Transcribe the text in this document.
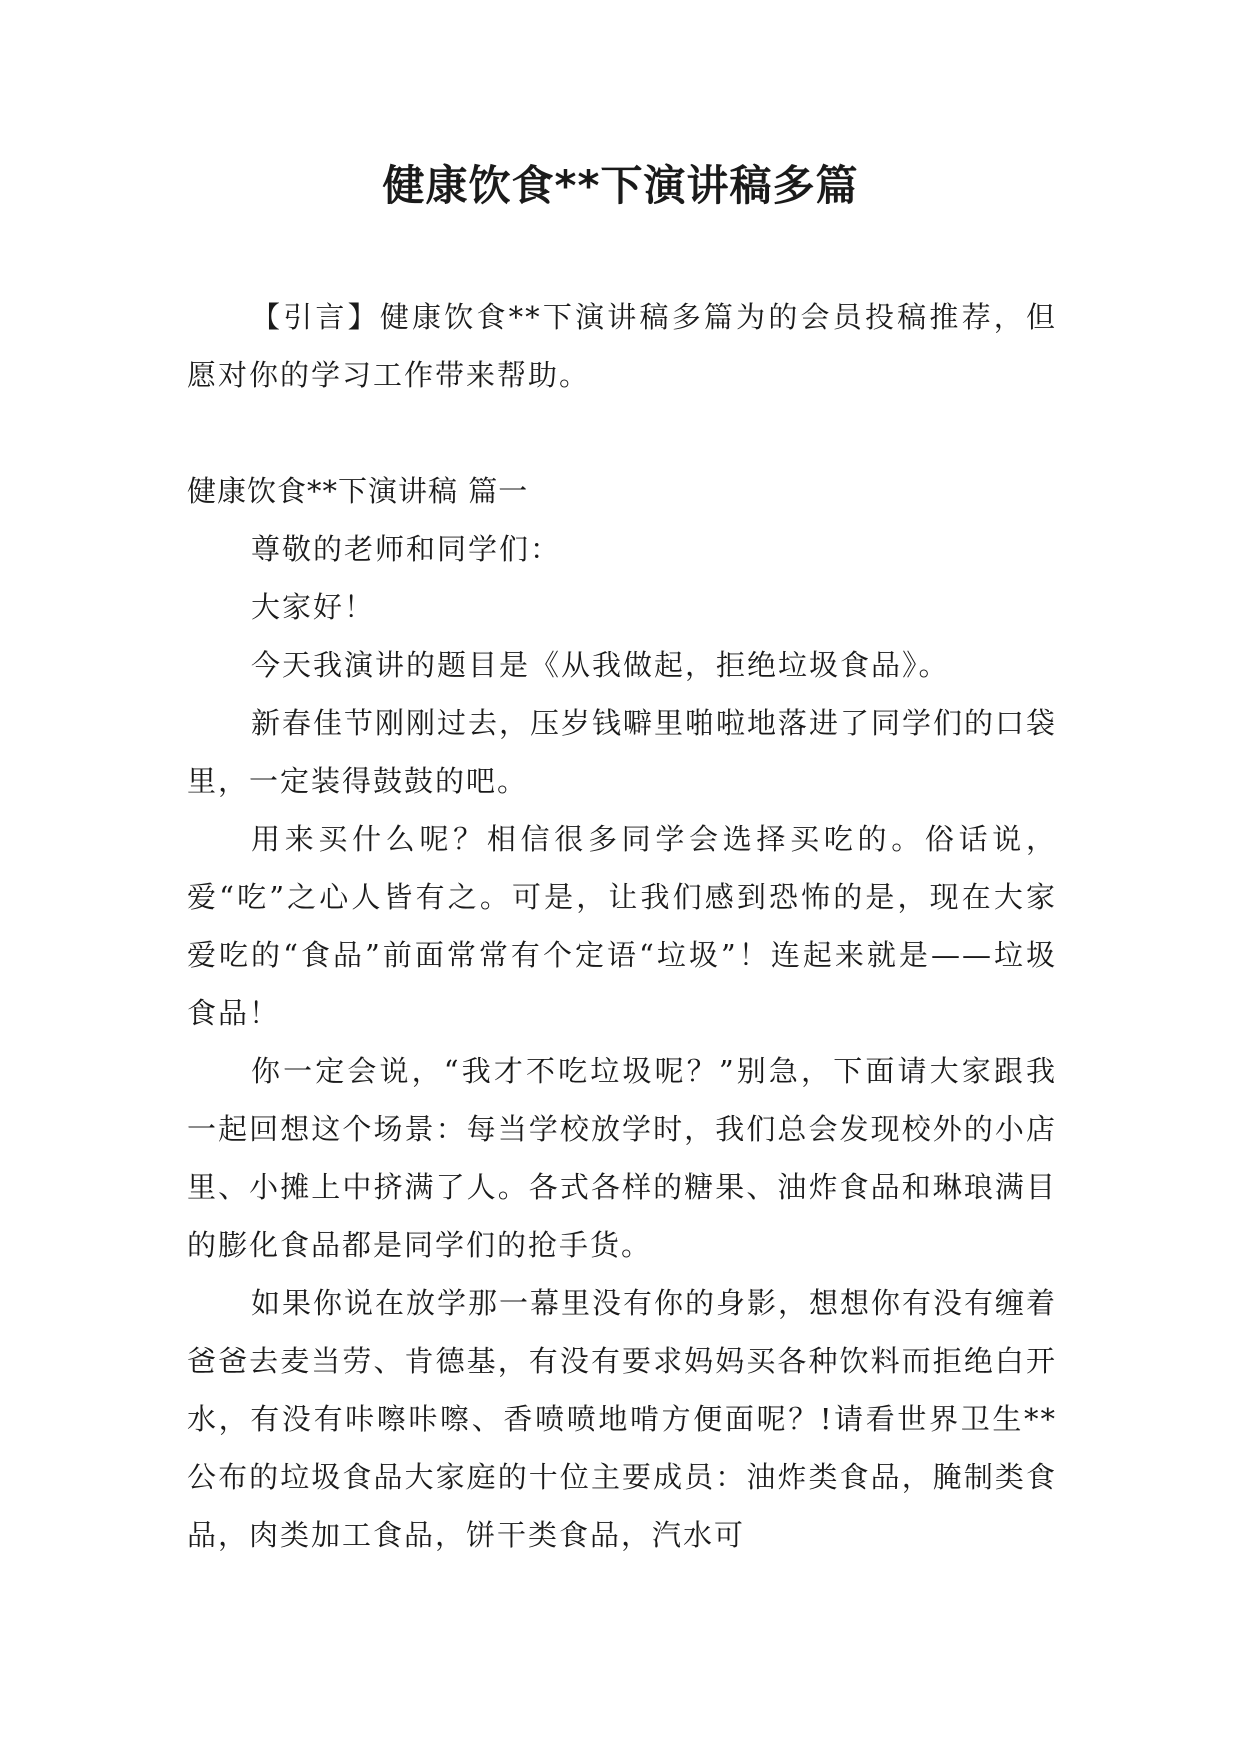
健康饮食**下演讲稿多篇

【引言】健康饮食**下演讲稿多篇为的会员投稿推荐，但愿对你的学习工作带来帮助。

健康饮食**下演讲稿 篇一

尊敬的老师和同学们：

大家好！

今天我演讲的题目是《从我做起，拒绝垃圾食品》。

新春佳节刚刚过去，压岁钱噼里啪啦地落进了同学们的口袋里，一定装得鼓鼓的吧。

用来买什么呢？相信很多同学会选择买吃的。俗话说，爱“吃”之心人皆有之。可是，让我们感到恐怖的是，现在大家爱吃的“食品”前面常常有个定语“垃圾”！连起来就是——垃圾食品！

你一定会说，“我才不吃垃圾呢？”别急，下面请大家跟我一起回想这个场景：每当学校放学时，我们总会发现校外的小店里、小摊上中挤满了人。各式各样的糖果、油炸食品和琳琅满目的膨化食品都是同学们的抢手货。

如果你说在放学那一幕里没有你的身影，想想你有没有缠着爸爸去麦当劳、肯德基，有没有要求妈妈买各种饮料而拒绝白开水，有没有咔嚓咔嚓、香喷喷地啃方便面呢？!请看世界卫生**公布的垃圾食品大家庭的十位主要成员：油炸类食品，腌制类食品，肉类加工食品，饼干类食品，汽水可
